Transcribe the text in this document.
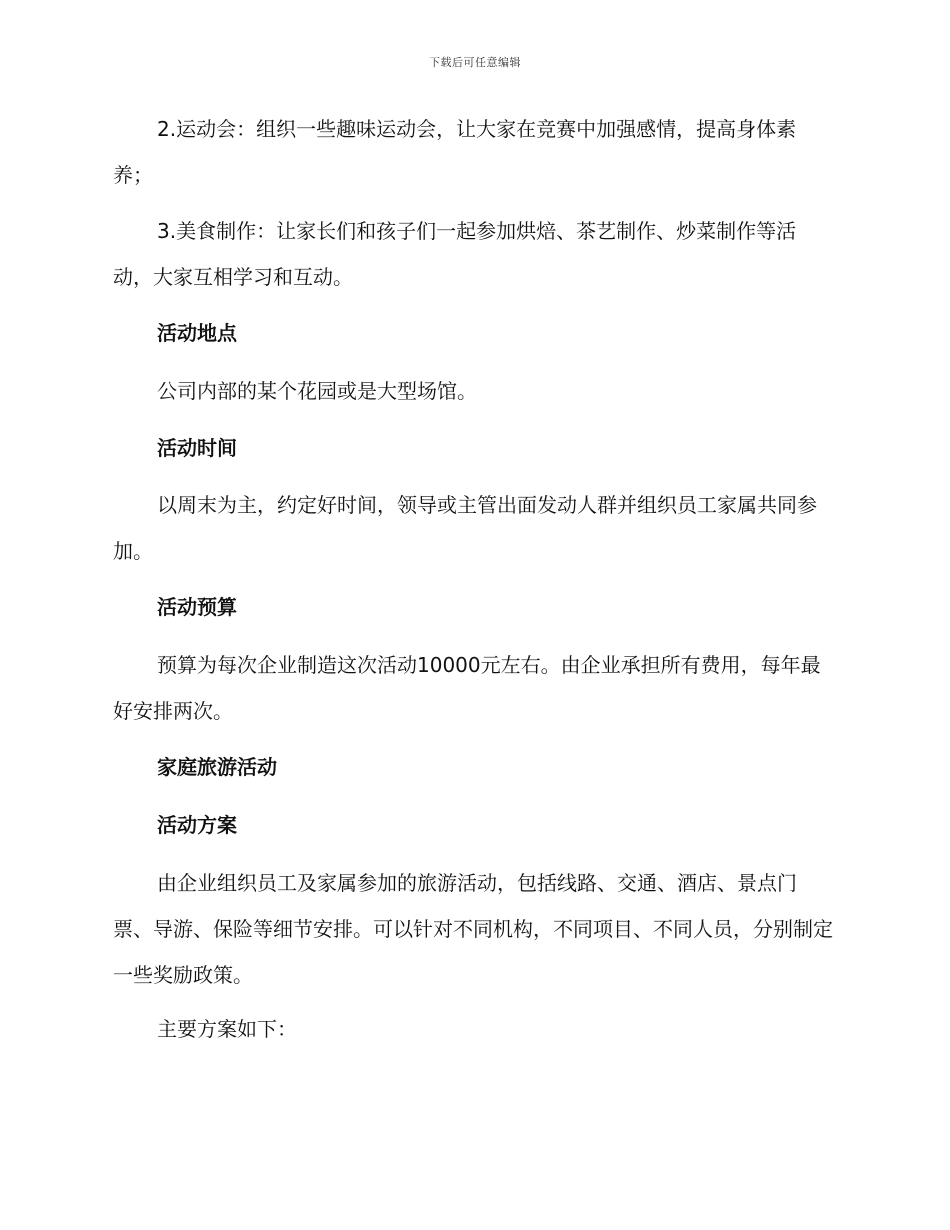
下载后可任意编辑

2.运动会：组织一些趣味运动会，让大家在竞赛中加强感情，提高身体素养；

3.美食制作：让家长们和孩子们一起参加烘焙、茶艺制作、炒菜制作等活动，大家互相学习和互动。

活动地点

公司内部的某个花园或是大型场馆。

活动时间

以周末为主，约定好时间，领导或主管出面发动人群并组织员工家属共同参加。

活动预算

预算为每次企业制造这次活动10000元左右。由企业承担所有费用，每年最好安排两次。

家庭旅游活动
活动方案

由企业组织员工及家属参加的旅游活动，包括线路、交通、酒店、景点门票、导游、保险等细节安排。可以针对不同机构，不同项目、不同人员，分别制定一些奖励政策。

主要方案如下：
